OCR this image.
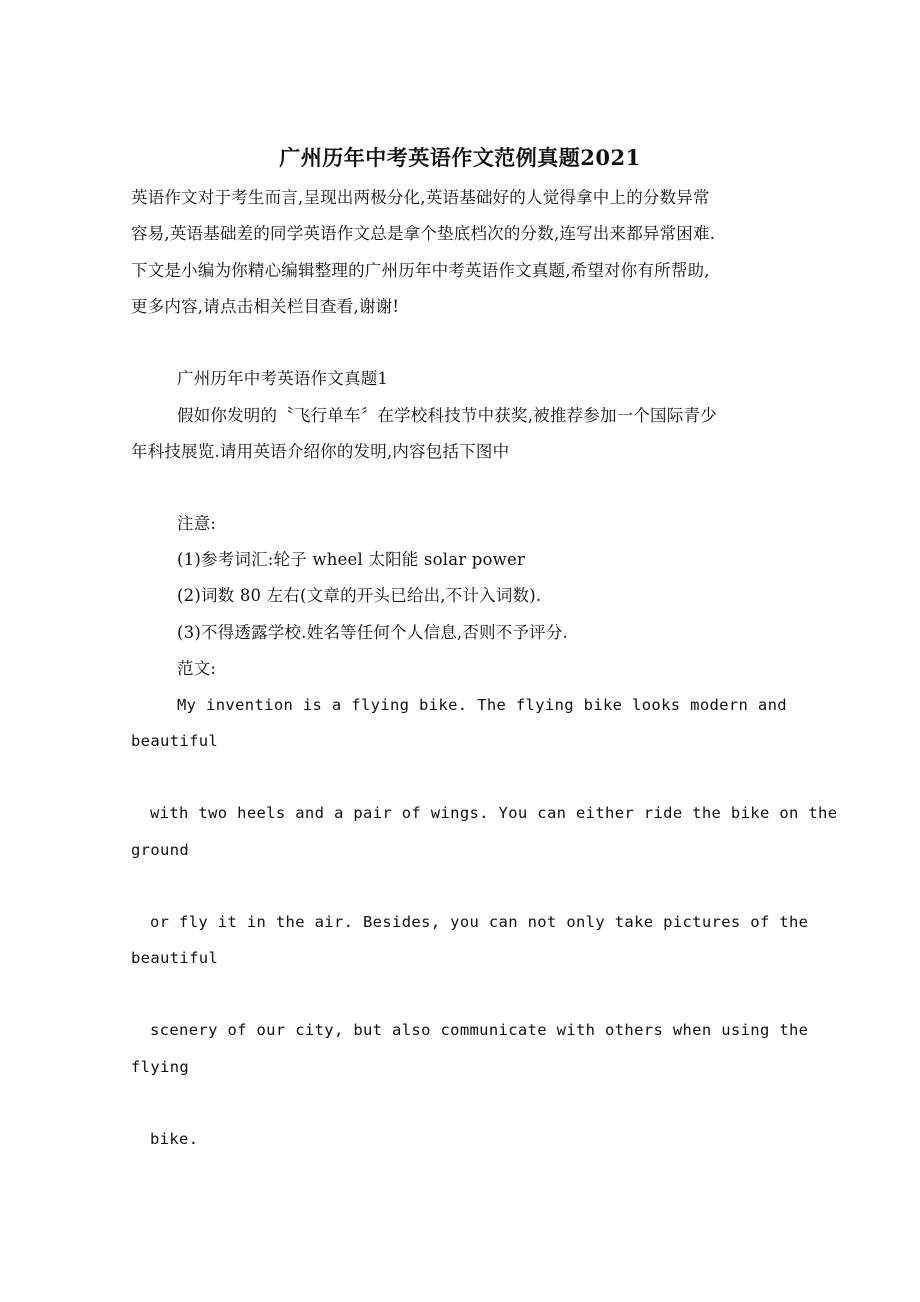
广州历年中考英语作文范例真题2021
英语作文对于考生而言,呈现出两极分化,英语基础好的人觉得拿中上的分数异常
容易,英语基础差的同学英语作文总是拿个垫底档次的分数,连写出来都异常困难.
下文是小编为你精心编辑整理的广州历年中考英语作文真题,希望对你有所帮助,
更多内容,请点击相关栏目查看,谢谢!
广州历年中考英语作文真题1
假如你发明的〝飞行单车〞在学校科技节中获奖,被推荐参加一个国际青少
年科技展览.请用英语介绍你的发明,内容包括下图中
注意:
(1)参考词汇:轮子 wheel 太阳能 solar power
(2)词数 80 左右(文章的开头已给出,不计入词数).
(3)不得透露学校.姓名等任何个人信息,否则不予评分.
范文:
My invention is a flying bike. The flying bike looks modern and
beautiful
with two heels and a pair of wings. You can either ride the bike on the
ground
or fly it in the air. Besides, you can not only take pictures of the
beautiful
scenery of our city, but also communicate with others when using the
flying
bike.
